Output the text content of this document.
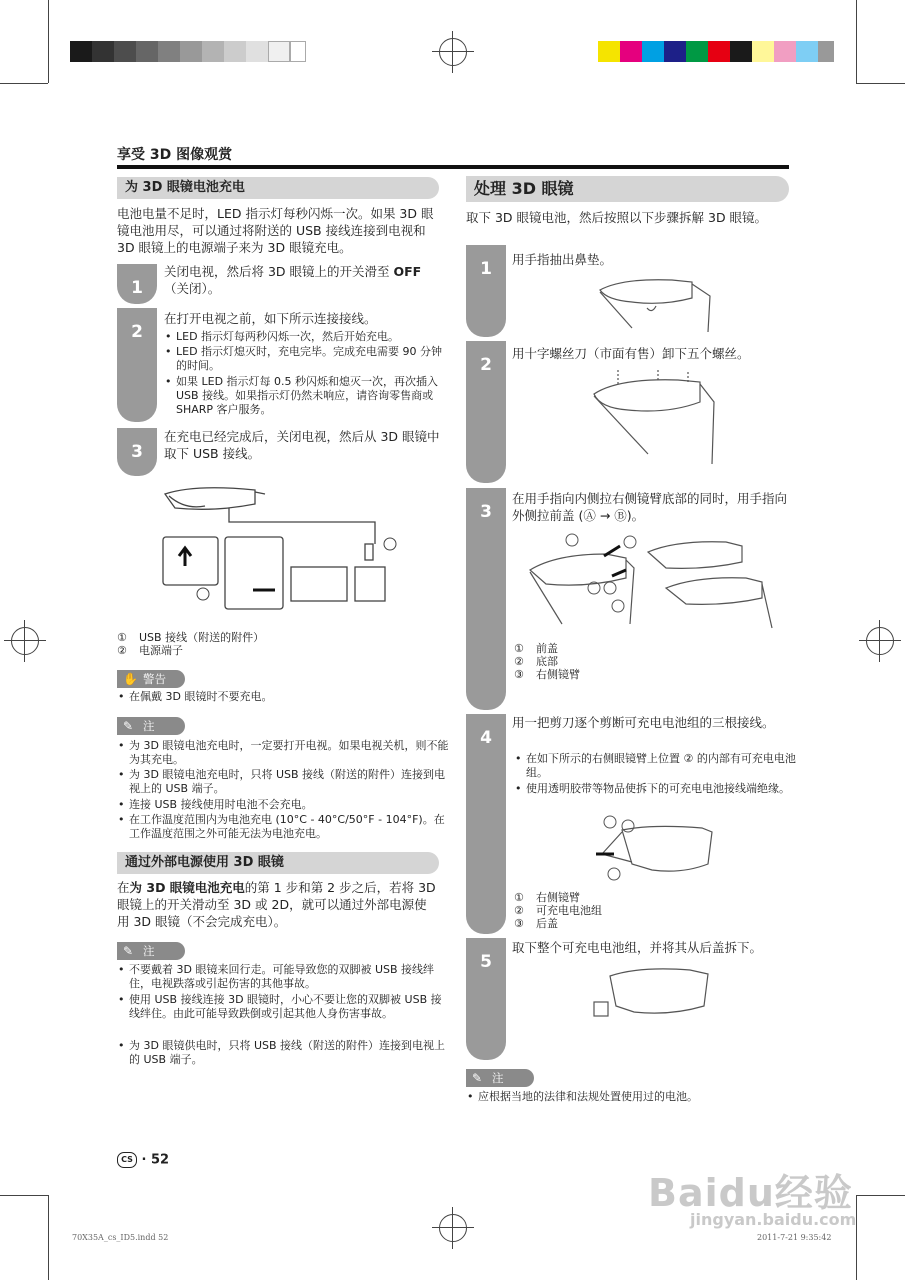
享受 3D 图像观赏
为 3D 眼镜电池充电
电池电量不足时，LED 指示灯每秒闪烁一次。如果 3D 眼镜电池用尽，可以通过将附送的 USB 接线连接到电视和 3D 眼镜上的电源端子来为 3D 眼镜充电。
1
关闭电视，然后将 3D 眼镜上的开关滑至 OFF（关闭）。
2
在打开电视之前，如下所示连接接线。
• LED 指示灯每两秒闪烁一次，然后开始充电。
• LED 指示灯熄灭时，充电完毕。完成充电需要 90 分钟的时间。
• 如果 LED 指示灯每 0.5 秒闪烁和熄灭一次，再次插入 USB 接线。如果指示灯仍然未响应，请咨询零售商或 SHARP 客户服务。
3
在充电已经完成后，关闭电视，然后从 3D 眼镜中取下 USB 接线。
① USB 接线（附送的附件）
② 电源端子
✋ 警告
• 在佩戴 3D 眼镜时不要充电。
✎ 注
• 为 3D 眼镜电池充电时，一定要打开电视。如果电视关机，则不能为其充电。
• 为 3D 眼镜电池充电时，只将 USB 接线（附送的附件）连接到电视上的 USB 端子。
• 连接 USB 接线使用时电池不会充电。
• 在工作温度范围内为电池充电 (10°C - 40°C/50°F - 104°F)。在工作温度范围之外可能无法为电池充电。
通过外部电源使用 3D 眼镜
在为 3D 眼镜电池充电的第 1 步和第 2 步之后，若将 3D 眼镜上的开关滑动至 3D 或 2D，就可以通过外部电源使用 3D 眼镜（不会完成充电）。
✎ 注
• 不要戴着 3D 眼镜来回行走。可能导致您的双脚被 USB 接线绊住，电视跌落或引起伤害的其他事故。
• 使用 USB 接线连接 3D 眼镜时，小心不要让您的双脚被 USB 接线绊住。由此可能导致跌倒或引起其他人身伤害事故。
• 为 3D 眼镜供电时，只将 USB 接线（附送的附件）连接到电视上的 USB 端子。
处理 3D 眼镜
取下 3D 眼镜电池，然后按照以下步骤拆解 3D 眼镜。
1	用手指抽出鼻垫。
2
用十字螺丝刀（市面有售）卸下五个螺丝。
3
在用手指向内侧拉右侧镜臂底部的同时，用手指向外侧拉前盖 (Ⓐ → Ⓑ)。
① 前盖
② 底部
③ 右侧镜臂
4
用一把剪刀逐个剪断可充电电池组的三根接线。
• 在如下所示的右侧眼镜臂上位置 ② 的内部有可充电电池组。
• 使用透明胶带等物品使拆下的可充电电池接线端绝缘。
① 右侧镜臂
② 可充电电池组
③ 后盖
5
取下整个可充电电池组，并将其从后盖拆下。
✎ 注
• 应根据当地的法律和法规处置使用过的电池。
CS · 52
70X35A_cs_ID5.indd 52	2011-7-21 9:35:42
Baidu经验
jingyan.baidu.com
